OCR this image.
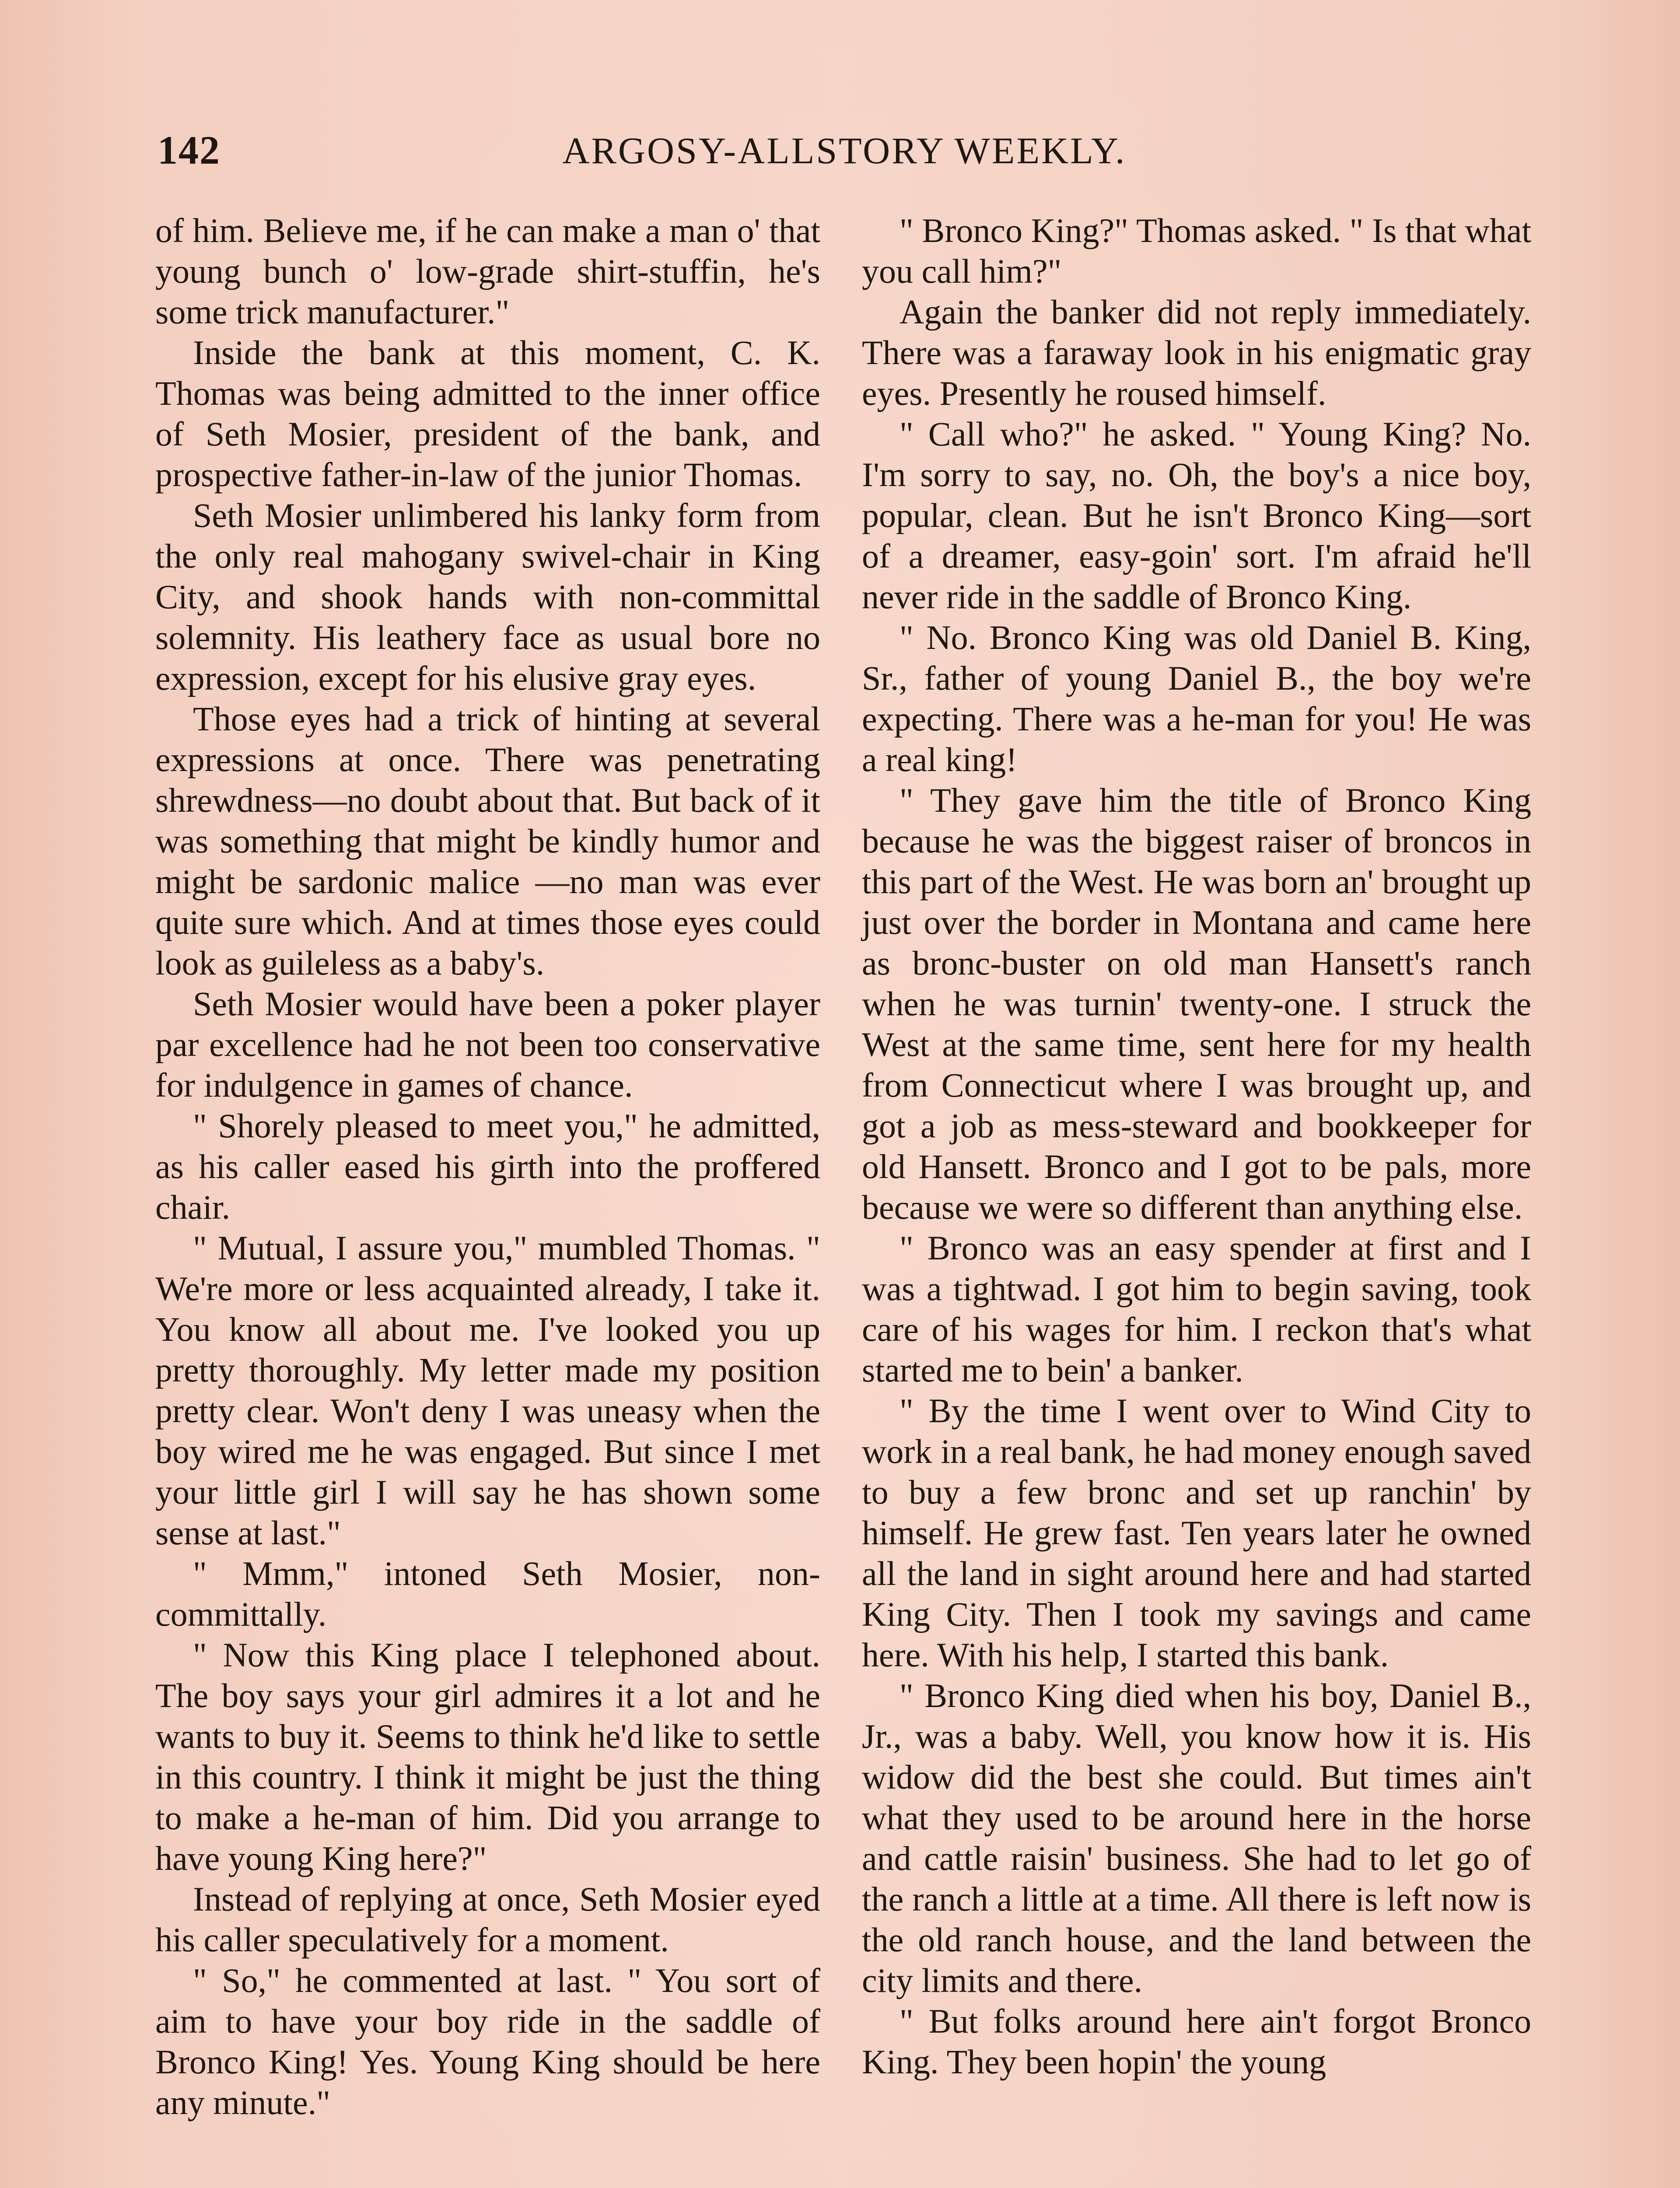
142	ARGOSY-ALLSTORY WEEKLY.

of him. Believe me, if he can make a man o' that young bunch o' low-grade shirt-stuffin, he's some trick manufacturer."

Inside the bank at this moment, C. K. Thomas was being admitted to the inner office of Seth Mosier, president of the bank, and prospective father-in-law of the junior Thomas.

Seth Mosier unlimbered his lanky form from the only real mahogany swivel-chair in King City, and shook hands with non-committal solemnity. His leathery face as usual bore no expression, except for his elusive gray eyes.

Those eyes had a trick of hinting at several expressions at once. There was penetrating shrewdness—no doubt about that. But back of it was something that might be kindly humor and might be sardonic malice —no man was ever quite sure which. And at times those eyes could look as guileless as a baby's.

Seth Mosier would have been a poker player par excellence had he not been too conservative for indulgence in games of chance.

" Shorely pleased to meet you," he admitted, as his caller eased his girth into the proffered chair.

" Mutual, I assure you," mumbled Thomas. " We're more or less acquainted already, I take it. You know all about me. I've looked you up pretty thoroughly. My letter made my position pretty clear. Won't deny I was uneasy when the boy wired me he was engaged. But since I met your little girl I will say he has shown some sense at last."

" Mmm," intoned Seth Mosier, non-committally.

" Now this King place I telephoned about. The boy says your girl admires it a lot and he wants to buy it. Seems to think he'd like to settle in this country. I think it might be just the thing to make a he-man of him. Did you arrange to have young King here?"

Instead of replying at once, Seth Mosier eyed his caller speculatively for a moment.

" So," he commented at last. " You sort of aim to have your boy ride in the saddle of Bronco King! Yes. Young King should be here any minute."

" Bronco King?" Thomas asked. " Is that what you call him?"

Again the banker did not reply immediately. There was a faraway look in his enigmatic gray eyes. Presently he roused himself.

" Call who?" he asked. " Young King? No. I'm sorry to say, no. Oh, the boy's a nice boy, popular, clean. But he isn't Bronco King—sort of a dreamer, easy-goin' sort. I'm afraid he'll never ride in the saddle of Bronco King.

" No. Bronco King was old Daniel B. King, Sr., father of young Daniel B., the boy we're expecting. There was a he-man for you! He was a real king!

" They gave him the title of Bronco King because he was the biggest raiser of broncos in this part of the West. He was born an' brought up just over the border in Montana and came here as bronc-buster on old man Hansett's ranch when he was turnin' twenty-one. I struck the West at the same time, sent here for my health from Connecticut where I was brought up, and got a job as mess-steward and bookkeeper for old Hansett. Bronco and I got to be pals, more because we were so different than anything else.

" Bronco was an easy spender at first and I was a tightwad. I got him to begin saving, took care of his wages for him. I reckon that's what started me to bein' a banker.

" By the time I went over to Wind City to work in a real bank, he had money enough saved to buy a few bronc and set up ranchin' by himself. He grew fast. Ten years later he owned all the land in sight around here and had started King City. Then I took my savings and came here. With his help, I started this bank.

" Bronco King died when his boy, Daniel B., Jr., was a baby. Well, you know how it is. His widow did the best she could. But times ain't what they used to be around here in the horse and cattle raisin' business. She had to let go of the ranch a little at a time. All there is left now is the old ranch house, and the land between the city limits and there.

" But folks around here ain't forgot Bronco King. They been hopin' the young
